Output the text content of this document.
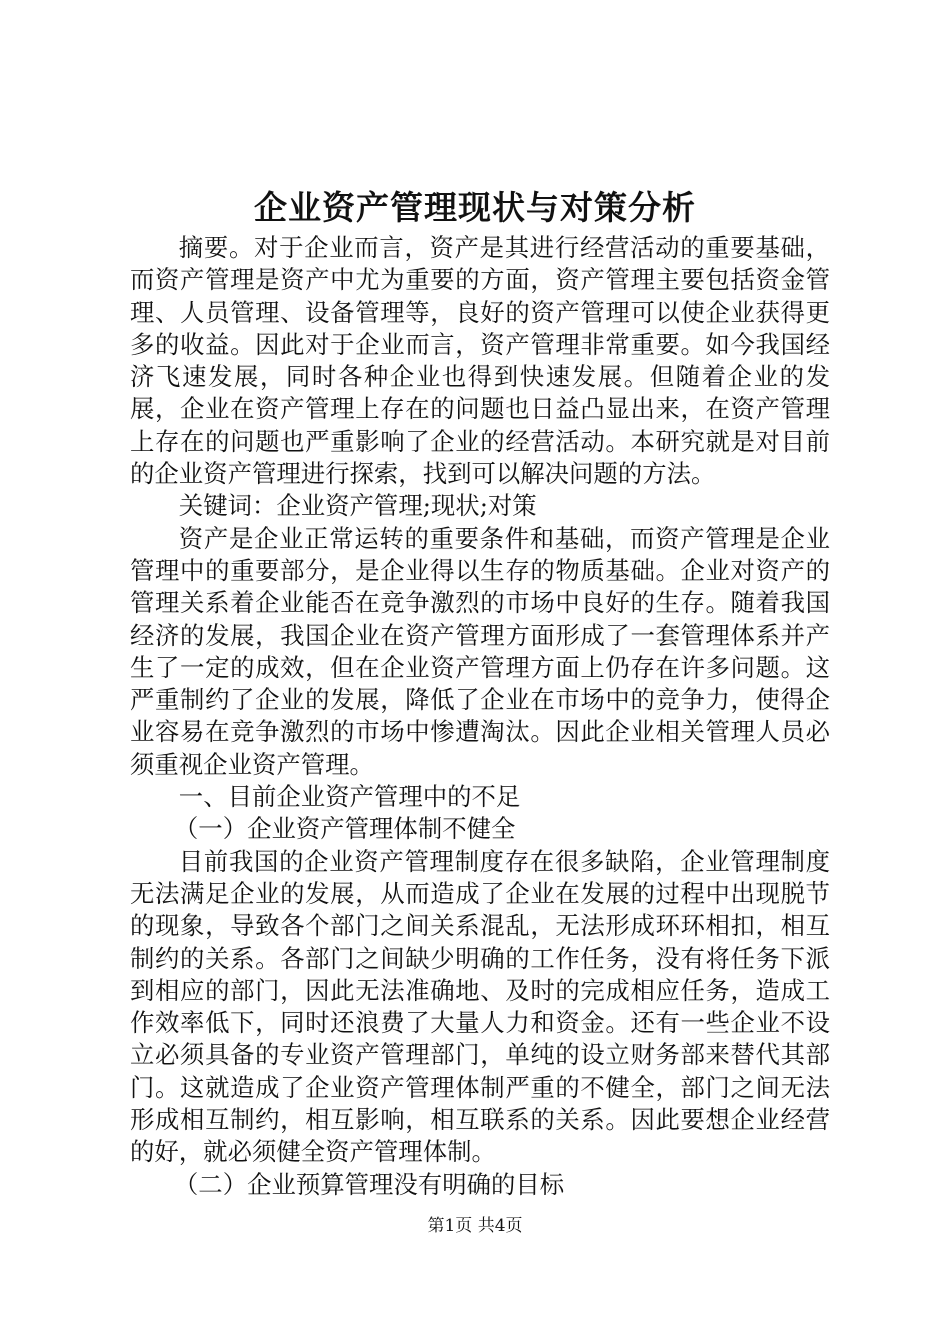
企业资产管理现状与对策分析

摘要。对于企业而言，资产是其进行经营活动的重要基础，而资产管理是资产中尤为重要的方面，资产管理主要包括资金管理、人员管理、设备管理等，良好的资产管理可以使企业获得更多的收益。因此对于企业而言，资产管理非常重要。如今我国经济飞速发展，同时各种企业也得到快速发展。但随着企业的发展，企业在资产管理上存在的问题也日益凸显出来，在资产管理上存在的问题也严重影响了企业的经营活动。本研究就是对目前的企业资产管理进行探索，找到可以解决问题的方法。

关键词：企业资产管理;现状;对策

资产是企业正常运转的重要条件和基础，而资产管理是企业管理中的重要部分，是企业得以生存的物质基础。企业对资产的管理关系着企业能否在竞争激烈的市场中良好的生存。随着我国经济的发展，我国企业在资产管理方面形成了一套管理体系并产生了一定的成效，但在企业资产管理方面上仍存在许多问题。这严重制约了企业的发展，降低了企业在市场中的竞争力，使得企业容易在竞争激烈的市场中惨遭淘汰。因此企业相关管理人员必须重视企业资产管理。

一、目前企业资产管理中的不足

（一）企业资产管理体制不健全

目前我国的企业资产管理制度存在很多缺陷，企业管理制度无法满足企业的发展，从而造成了企业在发展的过程中出现脱节的现象，导致各个部门之间关系混乱，无法形成环环相扣，相互制约的关系。各部门之间缺少明确的工作任务，没有将任务下派到相应的部门，因此无法准确地、及时的完成相应任务，造成工作效率低下，同时还浪费了大量人力和资金。还有一些企业不设立必须具备的专业资产管理部门，单纯的设立财务部来替代其部门。这就造成了企业资产管理体制严重的不健全，部门之间无法形成相互制约，相互影响，相互联系的关系。因此要想企业经营的好，就必须健全资产管理体制。

（二）企业预算管理没有明确的目标

第1页 共4页
